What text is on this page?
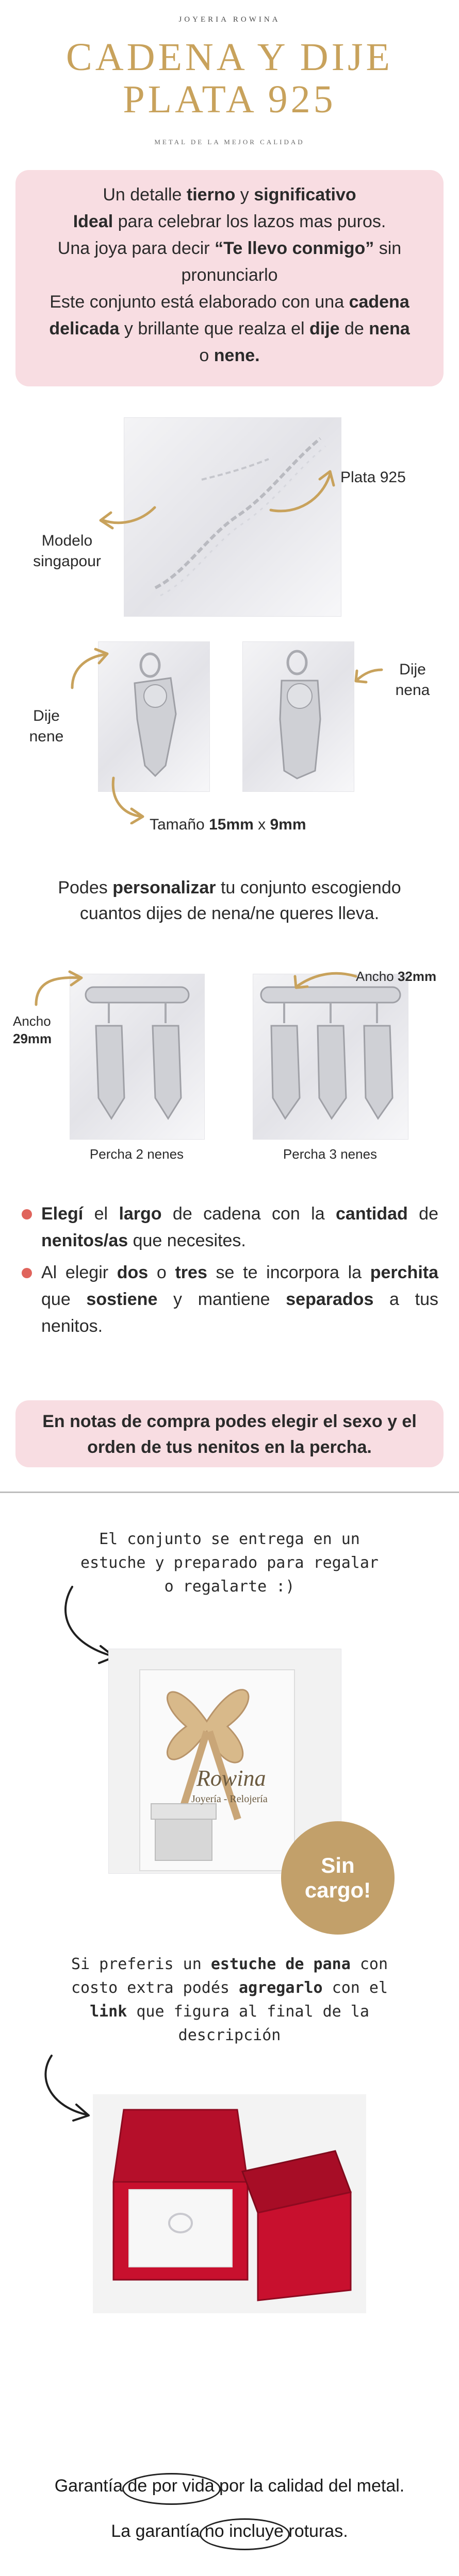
JOYERIA ROWINA
CADENA Y DIJE
PLATA 925
METAL DE LA MEJOR CALIDAD

Un detalle tierno y significativo

Ideal para celebrar los lazos mas puros.

Una joya para decir “Te llevo conmigo” sin

pronunciarlo

Este conjunto está elaborado con una cadena

delicada y brillante que realza el dije de nena

o nene.

Plata 925
Modelo
singapour
Dije
nene
Dije
nena
Tamaño 15mm x 9mm
Podes personalizar tu conjunto escogiendo
cuantos dijes de nena/ne queres lleva.
Ancho
29mm
Percha 2 nenes
Ancho 32mm
Percha 3 nenes
Elegí el largo de cadena con la cantidad de nenitos/as que necesites.
Al elegir dos o tres se te incorpora la perchita que sostiene y mantiene separados a tus nenitos.
En notas de compra podes elegir el sexo y el orden de tus nenitos en la percha.
El conjunto se entrega en un
estuche y preparado para regalar
o regalarte :)
Rowina
Joyería - Relojería
Sin
cargo!
Si preferis un estuche de pana con
costo extra podés agregarlo con el
link que figura al final de la
descripción
Garantía
de por vida por la calidad del metal.
La garantía
no incluye roturas.
